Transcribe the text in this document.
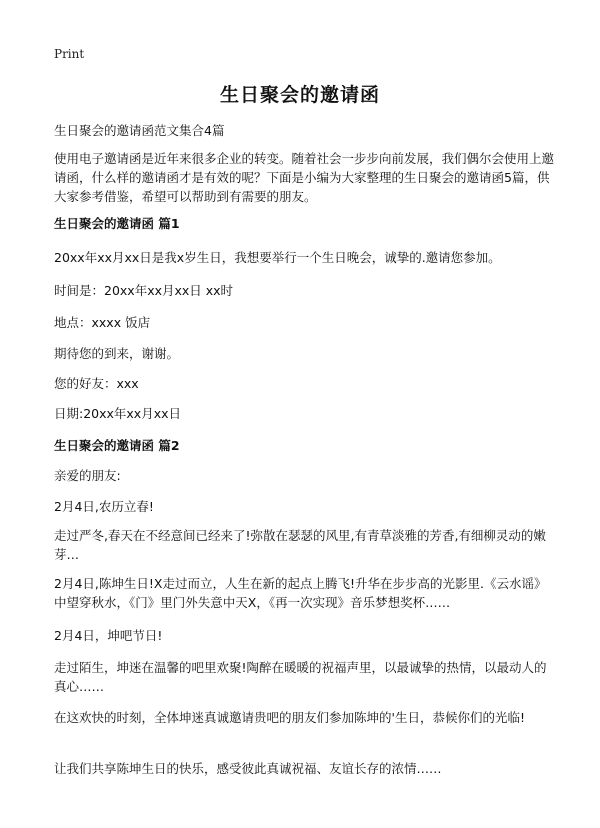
Print
生日聚会的邀请函
生日聚会的邀请函范文集合4篇
使用电子邀请函是近年来很多企业的转变。随着社会一步步向前发展，我们偶尔会使用上邀请函，什么样的邀请函才是有效的呢？下面是小编为大家整理的生日聚会的邀请函5篇，供大家参考借鉴，希望可以帮助到有需要的朋友。
生日聚会的邀请函 篇1
20xx年xx月xx日是我x岁生日，我想要举行一个生日晚会，诚挚的.邀请您参加。
时间是：20xx年xx月xx日 xx时
地点：xxxx 饭店
期待您的到来，谢谢。
您的好友：xxx
日期:20xx年xx月xx日
生日聚会的邀请函 篇2
亲爱的朋友:
2月4日,农历立春!
走过严冬,春天在不经意间已经来了!弥散在瑟瑟的风里,有青草淡雅的芳香,有细柳灵动的嫩芽…
2月4日,陈坤生日!X走过而立，人生在新的起点上腾飞!升华在步步高的光影里.《云水谣》中望穿秋水，《门》里门外失意中天X，《再一次实现》音乐梦想奖杯……
2月4日，坤吧节日!
走过陌生，坤迷在温馨的吧里欢聚!陶醉在暖暖的祝福声里，以最诚挚的热情，以最动人的真心……
在这欢快的时刻，全体坤迷真诚邀请贵吧的朋友们参加陈坤的'生日，恭候你们的光临!
让我们共享陈坤生日的快乐，感受彼此真诚祝福、友谊长存的浓情……
